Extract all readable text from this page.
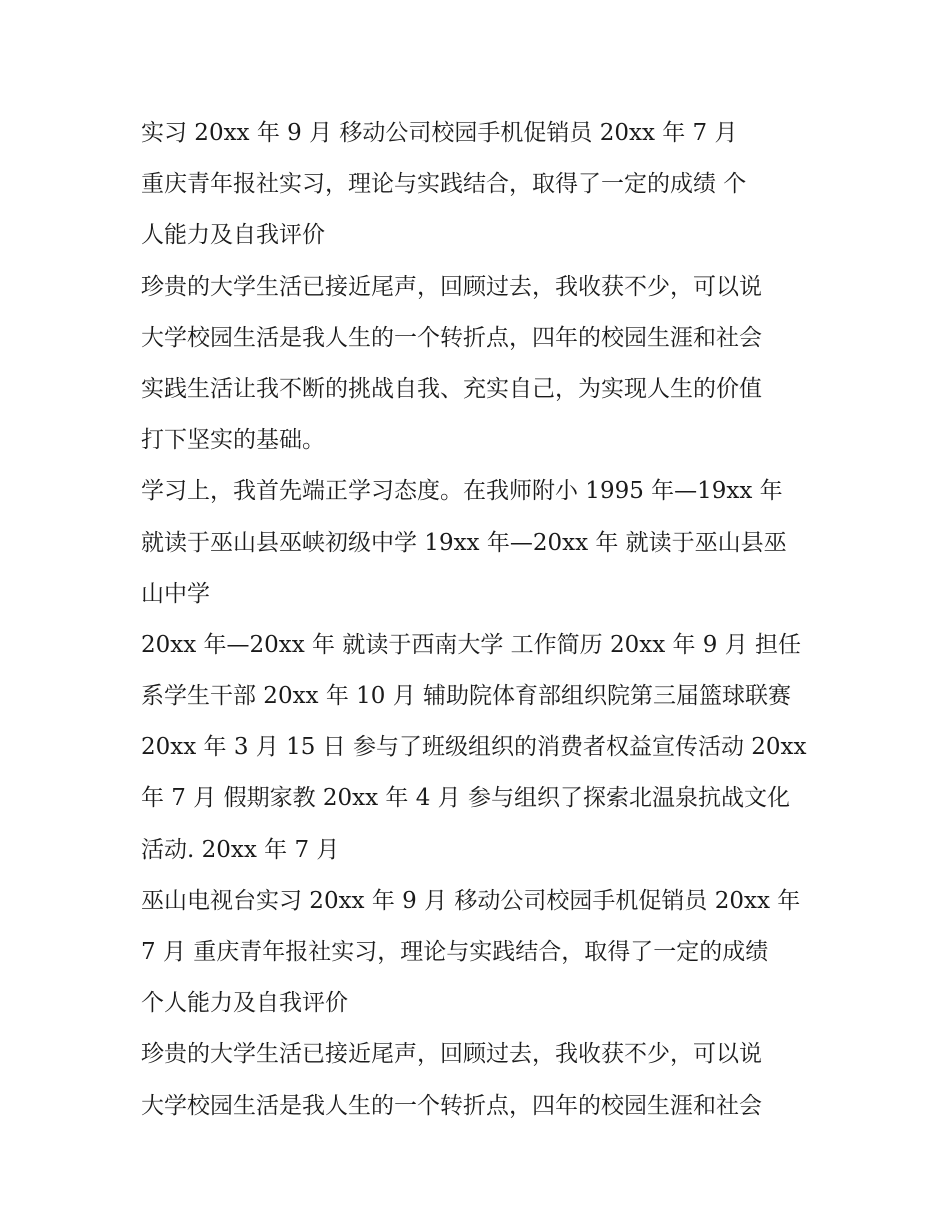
实习 20xx 年 9 月 移动公司校园手机促销员 20xx 年 7 月
重庆青年报社实习，理论与实践结合，取得了一定的成绩 个
人能力及自我评价
珍贵的大学生活已接近尾声，回顾过去，我收获不少，可以说
大学校园生活是我人生的一个转折点，四年的校园生涯和社会
实践生活让我不断的挑战自我、充实自己，为实现人生的价值
打下坚实的基础。
学习上，我首先端正学习态度。在我师附小 1995 年—19xx 年
就读于巫山县巫峡初级中学 19xx 年—20xx 年 就读于巫山县巫
山中学
20xx 年—20xx 年 就读于西南大学 工作简历 20xx 年 9 月 担任
系学生干部 20xx 年 10 月 辅助院体育部组织院第三届篮球联赛
20xx 年 3 月 15 日 参与了班级组织的消费者权益宣传活动 20xx
年 7 月 假期家教 20xx 年 4 月 参与组织了探索北温泉抗战文化
活动. 20xx 年 7 月
巫山电视台实习 20xx 年 9 月 移动公司校园手机促销员 20xx 年
7 月 重庆青年报社实习，理论与实践结合，取得了一定的成绩
个人能力及自我评价
珍贵的大学生活已接近尾声，回顾过去，我收获不少，可以说
大学校园生活是我人生的一个转折点，四年的校园生涯和社会
